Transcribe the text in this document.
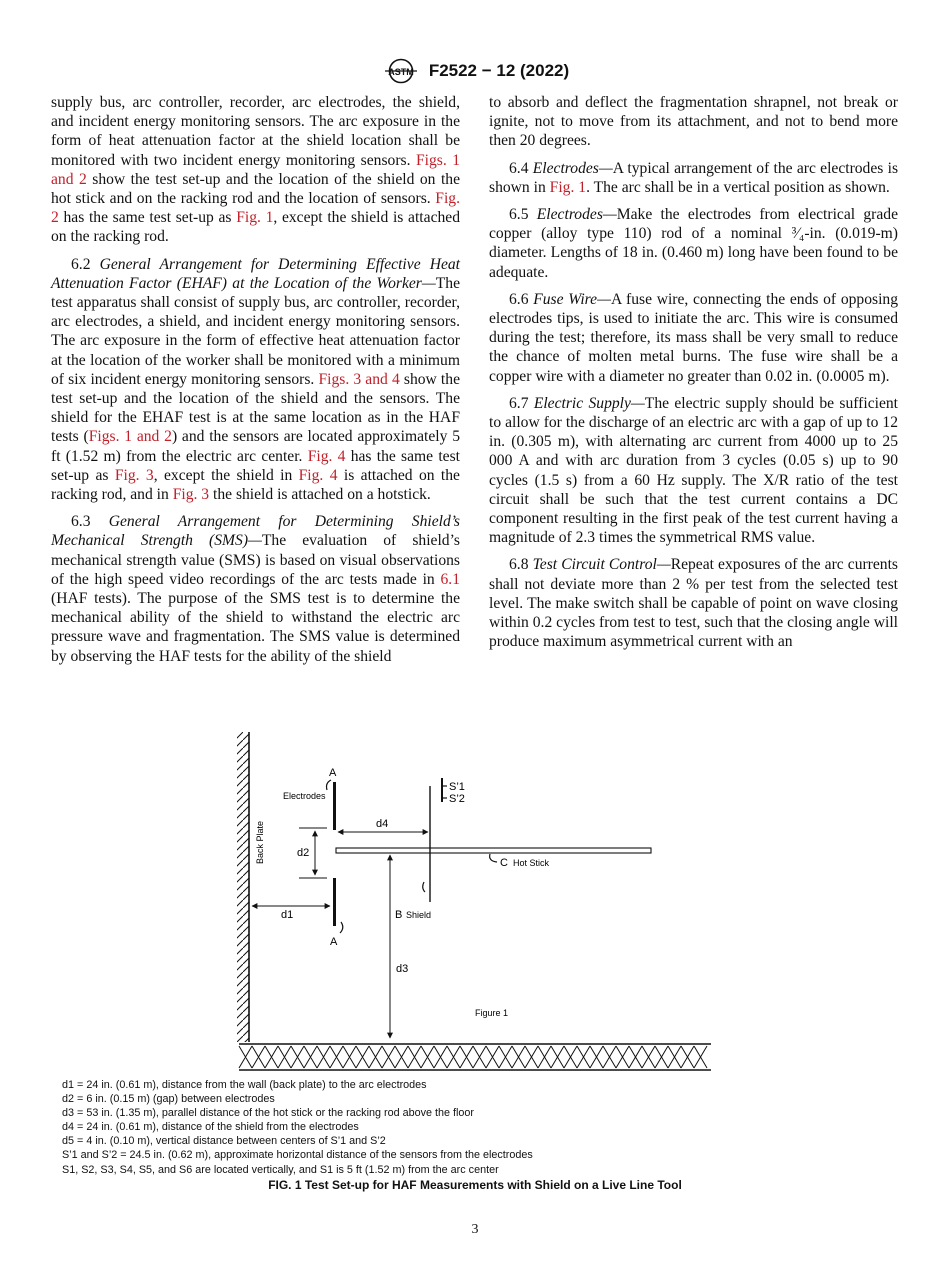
ASTM F2522 − 12 (2022)

supply bus, arc controller, recorder, arc electrodes, the shield, and incident energy monitoring sensors. The arc exposure in the form of heat attenuation factor at the shield location shall be monitored with two incident energy monitoring sensors. Figs. 1 and 2 show the test set-up and the location of the shield on the hot stick and on the racking rod and the location of sensors. Fig. 2 has the same test set-up as Fig. 1, except the shield is attached on the racking rod.

6.2 General Arrangement for Determining Effective Heat Attenuation Factor (EHAF) at the Location of the Worker—The test apparatus shall consist of supply bus, arc controller, recorder, arc electrodes, a shield, and incident energy monitoring sensors. The arc exposure in the form of effective heat attenuation factor at the location of the worker shall be monitored with a minimum of six incident energy monitoring sensors. Figs. 3 and 4 show the test set-up and the location of the shield and the sensors. The shield for the EHAF test is at the same location as in the HAF tests (Figs. 1 and 2) and the sensors are located approximately 5 ft (1.52 m) from the electric arc center. Fig. 4 has the same test set-up as Fig. 3, except the shield in Fig. 4 is attached on the racking rod, and in Fig. 3 the shield is attached on a hotstick.

6.3 General Arrangement for Determining Shield’s Mechanical Strength (SMS)—The evaluation of shield’s mechanical strength value (SMS) is based on visual observations of the high speed video recordings of the arc tests made in 6.1 (HAF tests). The purpose of the SMS test is to determine the mechanical ability of the shield to withstand the electric arc pressure wave and fragmentation. The SMS value is determined by observing the HAF tests for the ability of the shield

to absorb and deflect the fragmentation shrapnel, not break or ignite, not to move from its attachment, and not to bend more then 20 degrees.

6.4 Electrodes—A typical arrangement of the arc electrodes is shown in Fig. 1. The arc shall be in a vertical position as shown.

6.5 Electrodes—Make the electrodes from electrical grade copper (alloy type 110) rod of a nominal ³⁄₄-in. (0.019-m) diameter. Lengths of 18 in. (0.460 m) long have been found to be adequate.

6.6 Fuse Wire—A fuse wire, connecting the ends of opposing electrodes tips, is used to initiate the arc. This wire is consumed during the test; therefore, its mass shall be very small to reduce the chance of molten metal burns. The fuse wire shall be a copper wire with a diameter no greater than 0.02 in. (0.0005 m).

6.7 Electric Supply—The electric supply should be sufficient to allow for the discharge of an electric arc with a gap of up to 12 in. (0.305 m), with alternating arc current from 4000 up to 25 000 A and with arc duration from 3 cycles (0.05 s) up to 90 cycles (1.5 s) from a 60 Hz supply. The X/R ratio of the test circuit shall be such that the test current contains a DC component resulting in the first peak of the test current having a magnitude of 2.3 times the symmetrical RMS value.

6.8 Test Circuit Control—Repeat exposures of the arc currents shall not deviate more than 2 % per test from the selected test level. The make switch shall be capable of point on wave closing within 0.2 cycles from test to test, such that the closing angle will produce maximum asymmetrical current with an

Back Plate
Electrodes
A
A
d2
d4
d1
C Hot Stick
B Shield
S’1
S’2
d3
Figure 1
d1 = 24 in. (0.61 m), distance from the wall (back plate) to the arc electrodes
d2 = 6 in. (0.15 m) (gap) between electrodes
d3 = 53 in. (1.35 m), parallel distance of the hot stick or the racking rod above the floor
d4 = 24 in. (0.61 m), distance of the shield from the electrodes
d5 = 4 in. (0.10 m), vertical distance between centers of S’1 and S’2
S’1 and S’2 = 24.5 in. (0.62 m), approximate horizontal distance of the sensors from the electrodes
S1, S2, S3, S4, S5, and S6 are located vertically, and S1 is 5 ft (1.52 m) from the arc center
FIG. 1 Test Set-up for HAF Measurements with Shield on a Live Line Tool
3
